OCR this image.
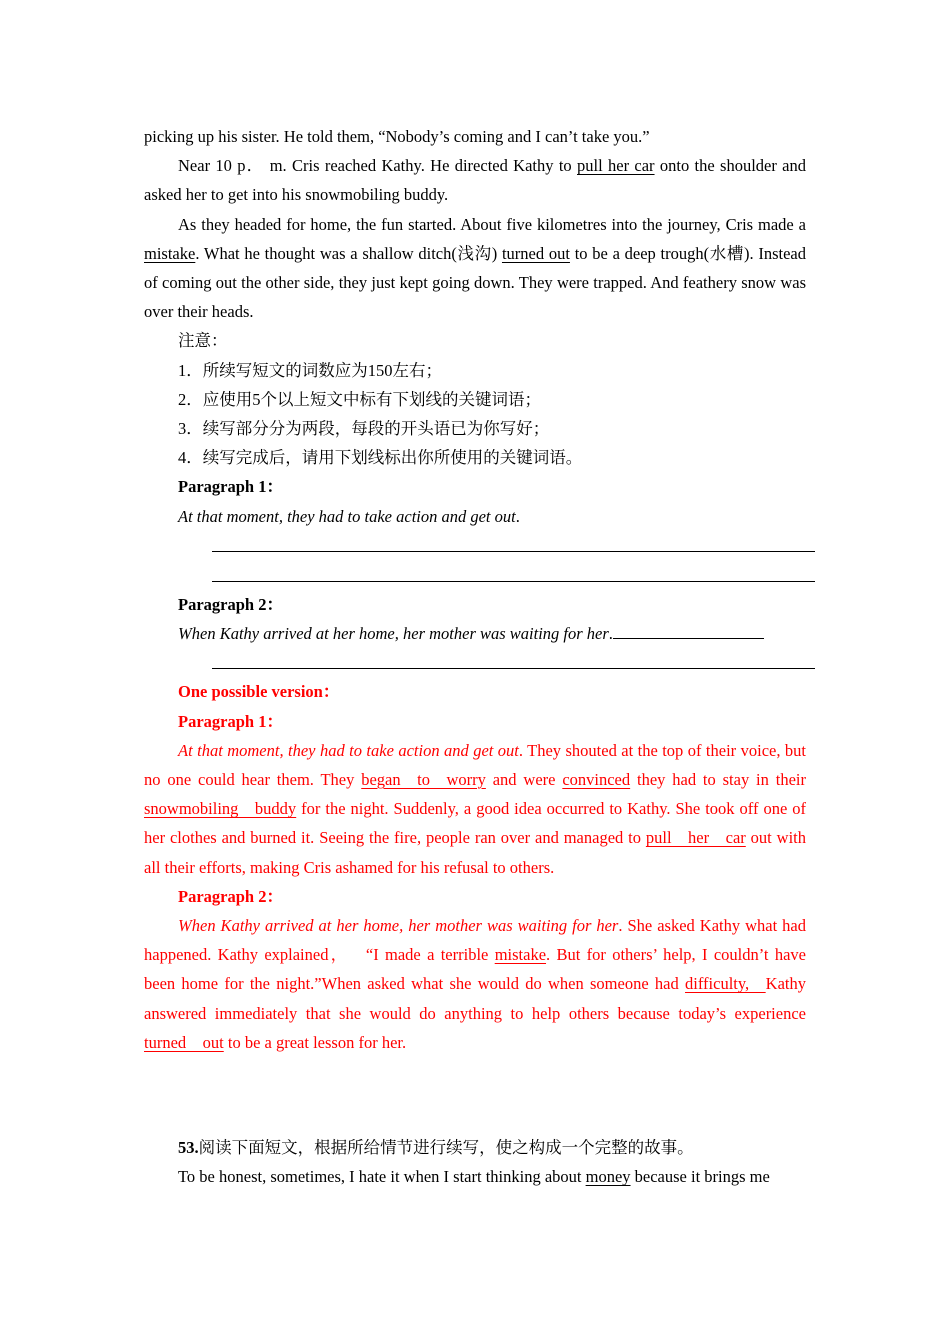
picking up his sister. He told them, “Nobody’s coming and I can’t take you.”

Near 10 p． m. Cris reached Kathy. He directed Kathy to pull her car onto the shoulder and asked her to get into his snowmobiling buddy.

As they headed for home, the fun started. About five kilometres into the journey, Cris made a mistake. What he thought was a shallow ditch(浅沟) turned out to be a deep trough(水槽). Instead of coming out the other side, they just kept going down. They were trapped. And feathery snow was over their heads.

注意：

1．所续写短文的词数应为150左右；

2．应使用5个以上短文中标有下划线的关键词语；

3．续写部分分为两段，每段的开头语已为你写好；

4．续写完成后，请用下划线标出你所使用的关键词语。

Paragraph 1：

At that moment, they had to take action and get out.

Paragraph 2：

When Kathy arrived at her home, her mother was waiting for her.

One possible version：

Paragraph 1：

At that moment, they had to take action and get out. They shouted at the top of their voice, but no one could hear them. They began to worry and were convinced they had to stay in their snowmobiling buddy for the night. Suddenly, a good idea occurred to Kathy. She took off one of her clothes and burned it. Seeing the fire, people ran over and managed to pull her car out with all their efforts, making Cris ashamed for his refusal to others.

Paragraph 2：

When Kathy arrived at her home, her mother was waiting for her. She asked Kathy what had happened. Kathy explained， “I made a terrible mistake. But for others’ help, I couldn’t have been home for the night.”When asked what she would do when someone had difficulty, Kathy answered immediately that she would do anything to help others because today’s experience turned out to be a great lesson for her.

53.阅读下面短文，根据所给情节进行续写，使之构成一个完整的故事。

To be honest, sometimes, I hate it when I start thinking about money because it brings me
